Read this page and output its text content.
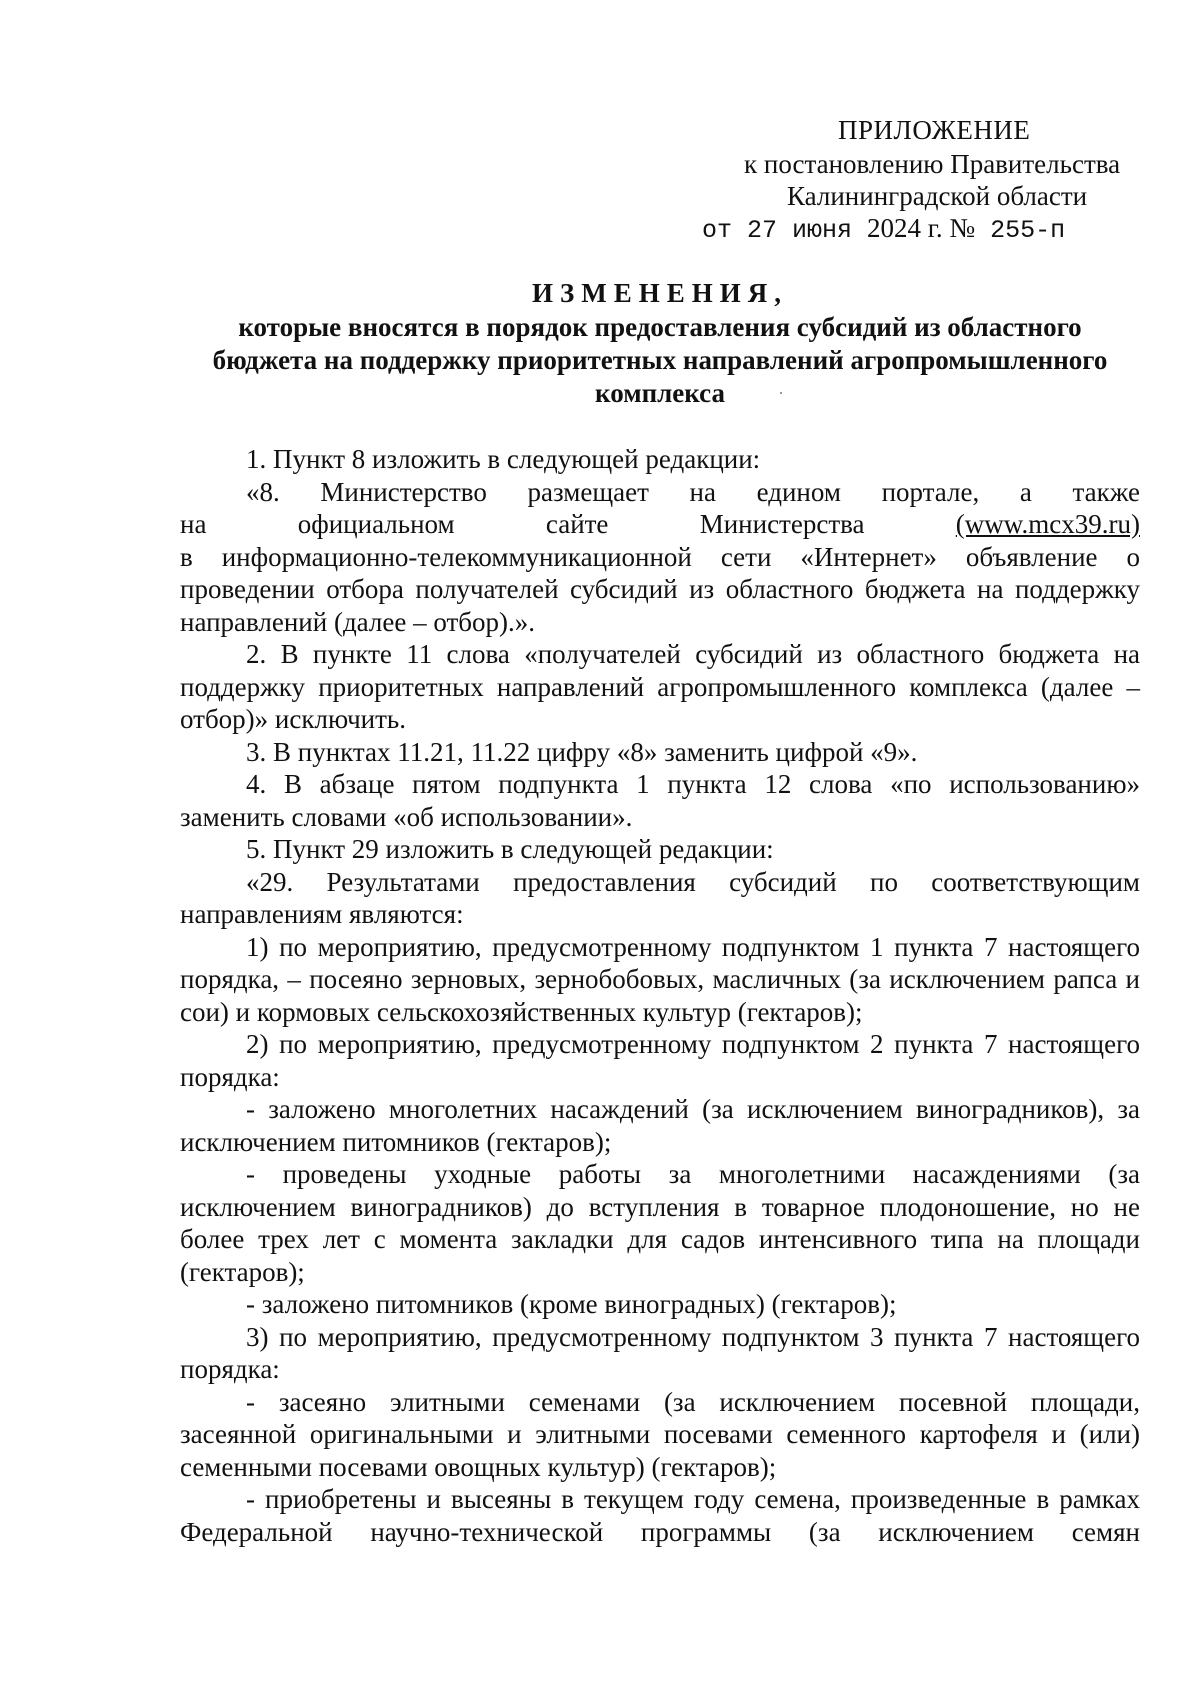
ПРИЛОЖЕНИЕ
к постановлению Правительства
Калининградской области
от 27 июня 2024 г. № 255-п
ИЗМЕНЕНИЯ,
которые вносятся в порядок предоставления субсидий из областного
бюджета на поддержку приоритетных направлений агропромышленного
комплекса

1. Пункт 8 изложить в следующей редакции:

«8. Министерство размещает на едином портале, а также
на официальном сайте Министерства	(www.mcx39.ru)

в информационно-телекоммуникационной сети «Интернет» объявление о проведении отбора получателей субсидий из областного бюджета на поддержку направлений (далее – отбор).».

2. В пункте 11 слова «получателей субсидий из областного бюджета на поддержку приоритетных направлений агропромышленного комплекса (далее – отбор)» исключить.

3. В пунктах 11.21, 11.22 цифру «8» заменить цифрой «9».

4. В абзаце пятом подпункта 1 пункта 12 слова «по использованию» заменить словами «об использовании».

5. Пункт 29 изложить в следующей редакции:

«29. Результатами предоставления субсидий по соответствующим направлениям являются:

1) по мероприятию, предусмотренному подпунктом 1 пункта 7 настоящего порядка, – посеяно зерновых, зернобобовых, масличных (за исключением рапса и сои) и кормовых сельскохозяйственных культур (гектаров);

2) по мероприятию, предусмотренному подпунктом 2 пункта 7 настоящего порядка:

- заложено многолетних насаждений (за исключением виноградников), за исключением питомников (гектаров);

- проведены уходные работы за многолетними насаждениями (за исключением виноградников) до вступления в товарное плодоношение, но не более трех лет с момента закладки для садов интенсивного типа на площади (гектаров);

- заложено питомников (кроме виноградных) (гектаров);

3) по мероприятию, предусмотренному подпунктом 3 пункта 7 настоящего порядка:

- засеяно элитными семенами (за исключением посевной площади, засеянной оригинальными и элитными посевами семенного картофеля и (или) семенными посевами овощных культур) (гектаров);

- приобретены и высеяны в текущем году семена, произведенные в рамках Федеральной научно-технической программы (за исключением семян
